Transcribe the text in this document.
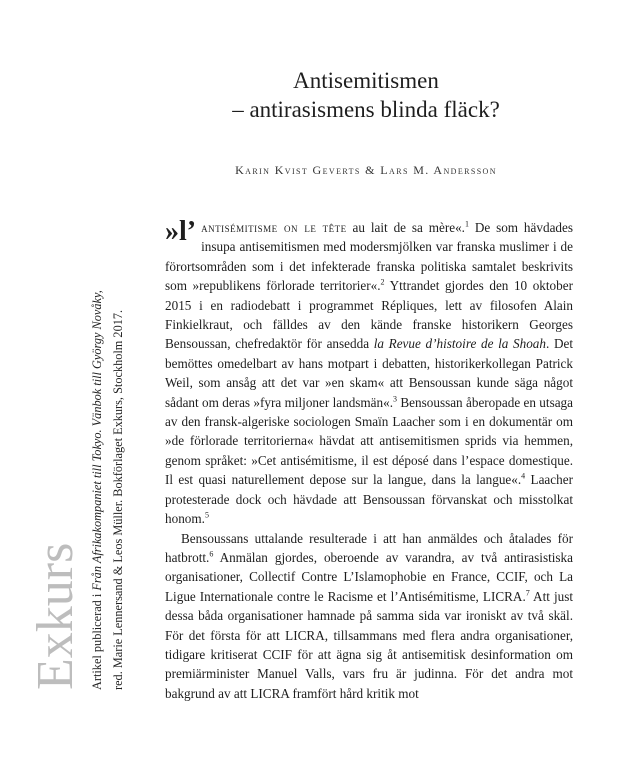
Antisemitismen
– antirasismens blinda fläck?
Karin Kvist Geverts & Lars M. Andersson

»l’ antisémitisme on le tête au lait de sa mère«.$^1$ De som hävdades insupa antisemitismen med modersmjölken var franska muslimer i de förortsområden som i det infekterade franska politiska samtalet beskrivits som »republikens förlorade territorier«.$^2$ Yttrandet gjordes den 10 oktober 2015 i en radiodebatt i programmet Répliques, lett av filosofen Alain Finkielkraut, och fälldes av den kände franske historikern Georges Bensoussan, chefredaktör för ansedda la Revue d’histoire de la Shoah. Det bemöttes omedelbart av hans motpart i debatten, historikerkollegan Patrick Weil, som ansåg att det var »en skam« att Bensoussan kunde säga något sådant om deras »fyra miljoner landsmän«.$^3$ Bensoussan åberopade en utsaga av den fransk-algeriske sociologen Smaïn Laacher som i en dokumentär om »de förlorade territorierna« hävdat att antisemitismen sprids via hemmen, genom språket: »Cet antisémitisme, il est déposé dans l’espace domestique. Il est quasi naturellement depose sur la langue, dans la langue«.$^4$ Laacher protesterade dock och hävdade att Bensoussan förvanskat och misstolkat honom.$^5$

Bensoussans uttalande resulterade i att han anmäldes och åtalades för hatbrott.$^6$ Anmälan gjordes, oberoende av varandra, av två antirasistiska organisationer, Collectif Contre L’Islamophobie en France, CCIF, och La Ligue Internationale contre le Racisme et l’Antisémitisme, LICRA.$^7$ Att just dessa båda organisationer hamnade på samma sida var ironiskt av två skäl. För det första för att LICRA, tillsammans med flera andra organisationer, tidigare kritiserat CCIF för att ägna sig åt antisemitisk desinformation om premiärminister Manuel Valls, vars fru är judinna. För det andra mot bakgrund av att LICRA framfört hård kritik mot

Exkurs Artikel publicerad i Från Afrikakompaniet till Tokyo. Vänbok till György Novåky, red. Marie Lennersand & Leos Müller. Bokförlaget Exkurs, Stockholm 2017.
